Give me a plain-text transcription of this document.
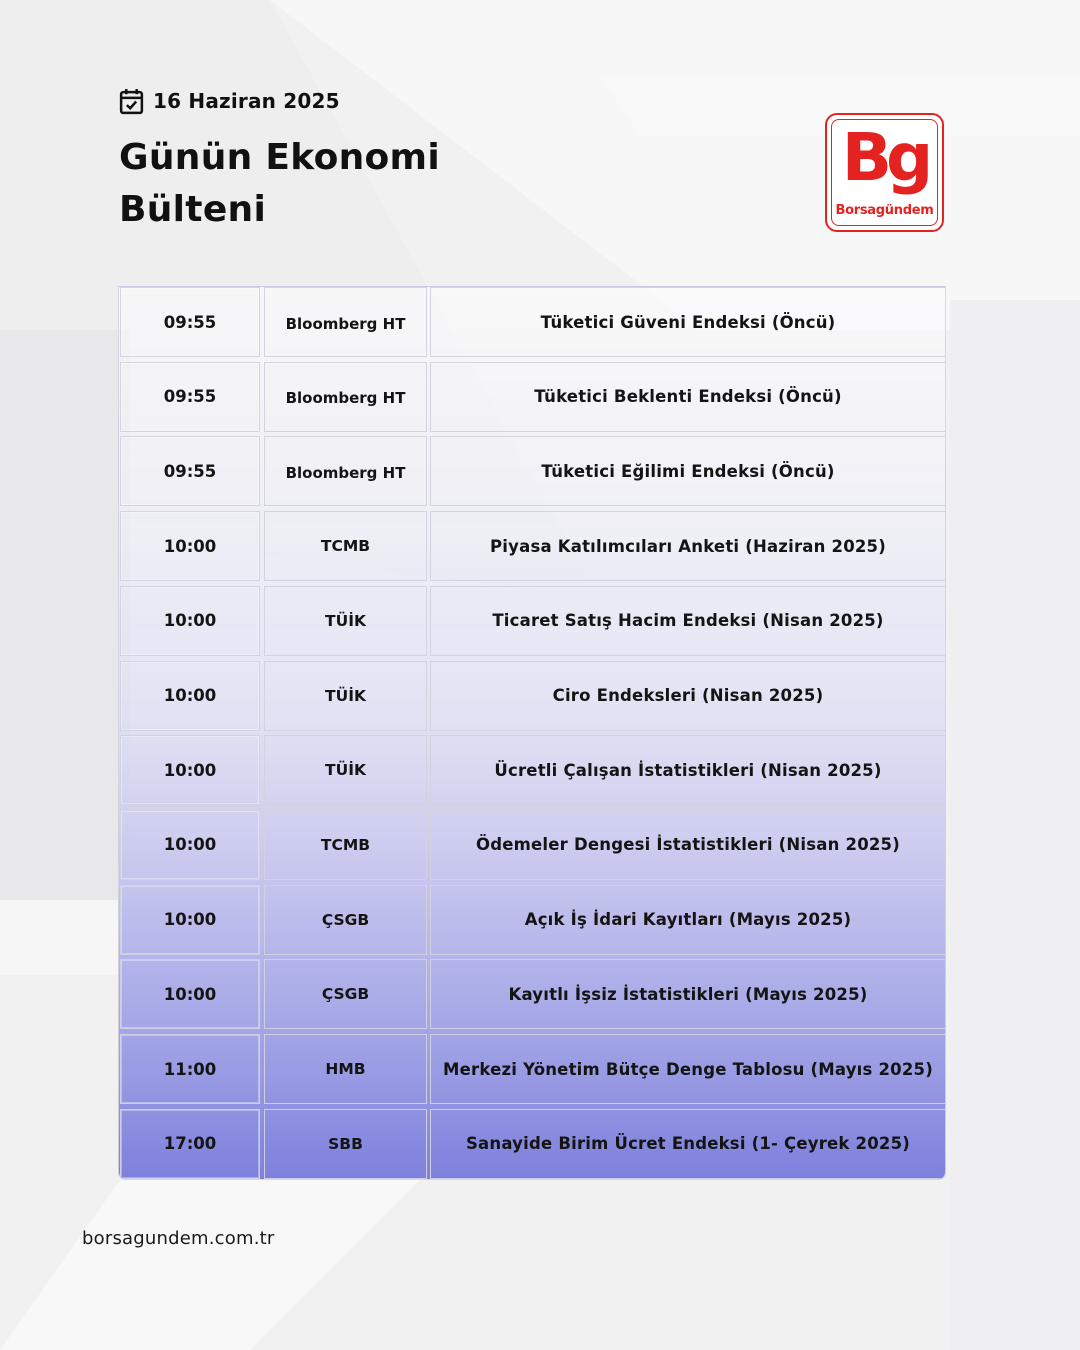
16 Haziran 2025
Günün Ekonomi
Bülteni
Bg
Borsagündem
09:55	Bloomberg HT	Tüketici Güveni Endeksi (Öncü)
09:55	Bloomberg HT	Tüketici Beklenti Endeksi (Öncü)
09:55	Bloomberg HT	Tüketici Eğilimi Endeksi (Öncü)
10:00	TCMB	Piyasa Katılımcıları Anketi (Haziran 2025)
10:00	TÜİK	Ticaret Satış Hacim Endeksi (Nisan 2025)
10:00	TÜİK	Ciro Endeksleri (Nisan 2025)
10:00	TÜİK	Ücretli Çalışan İstatistikleri (Nisan 2025)
10:00	TCMB	Ödemeler Dengesi İstatistikleri (Nisan 2025)
10:00	ÇSGB	Açık İş İdari Kayıtları (Mayıs 2025)
10:00	ÇSGB	Kayıtlı İşsiz İstatistikleri (Mayıs 2025)
11:00	HMB	Merkezi Yönetim Bütçe Denge Tablosu (Mayıs 2025)
17:00	SBB	Sanayide Birim Ücret Endeksi (1- Çeyrek 2025)
borsagundem.com.tr
